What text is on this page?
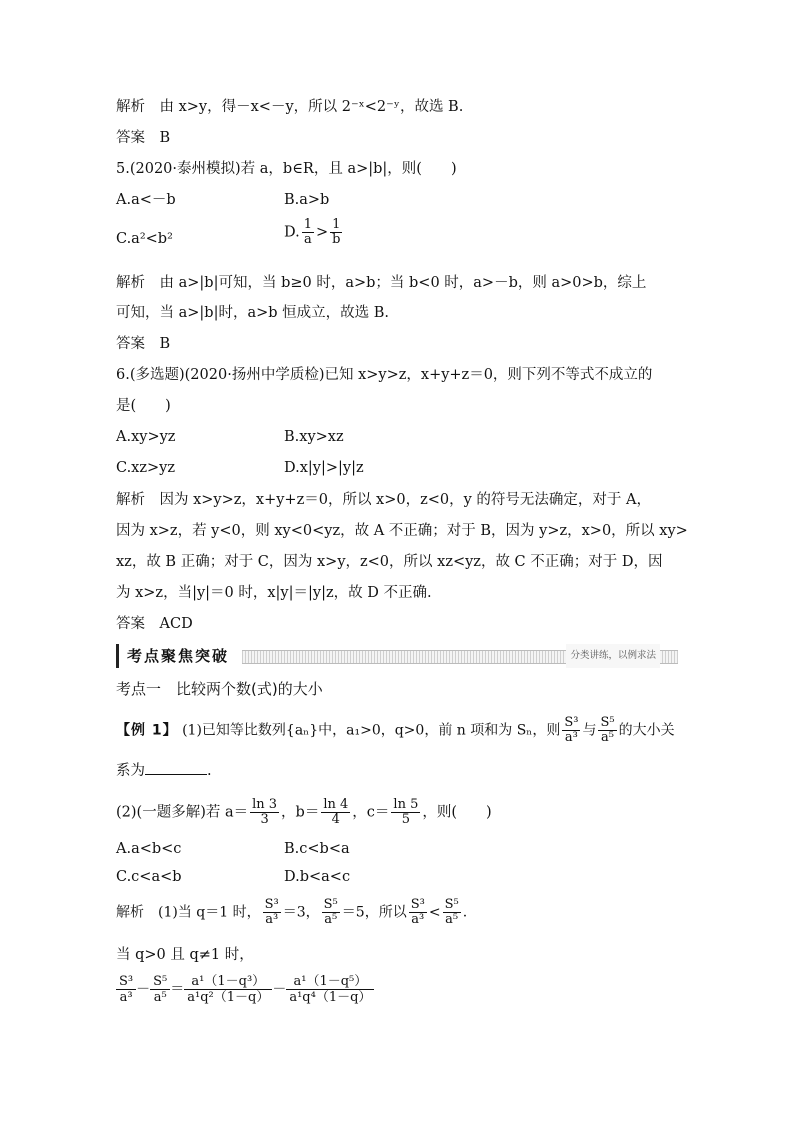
解析　由 x>y，得－x<－y，所以 2⁻ˣ<2⁻ʸ，故选 B.
答案　B
5.(2020·泰州模拟)若 a，b∈R，且 a>|b|，则(　　)
A.a<－b	B.a>b
C.a²<b²	D. $\frac{1}{a} > \frac{1}{b}$
解析　由 a>|b|可知，当 b≥0 时，a>b；当 b<0 时，a>－b，则 a>0>b，综上
可知，当 a>|b|时，a>b 恒成立，故选 B.
答案　B
6.(多选题)(2020·扬州中学质检)已知 x>y>z，x+y+z＝0，则下列不等式不成立的
是(　　)
A.xy>yz	B.xy>xz
C.xz>yz	D.x|y|>|y|z
解析　因为 x>y>z，x+y+z＝0，所以 x>0，z<0，y 的符号无法确定，对于 A，
因为 x>z，若 y<0，则 xy<0<yz，故 A 不正确；对于 B，因为 y>z，x>0，所以 xy>
xz，故 B 正确；对于 C，因为 x>y，z<0，所以 xz<yz，故 C 不正确；对于 D，因
为 x>z，当|y|＝0 时，x|y|＝|y|z，故 D 不正确.
答案　ACD
考点聚焦突破	分类讲练，以例求法
考点一　比较两个数(式)的大小
【例 1】 (1)已知等比数列{aₙ}中，a₁>0，q>0，前 n 项和为 Sₙ，则 $\frac{\text{S³}}{\text{a³}}$ 与 $\frac{\text{S⁵}}{\text{a⁵}}$ 的大小关
系为	.
(2)(一题多解)若 $a= \frac{\ln 3}{3}$ ，$b= \frac{\ln 4}{4}$ ，$c= \frac{\ln 5}{5}$ ，则(　　)
A.a<b<c	B.c<b<a
C.c<a<b	D.b<a<c
解析　(1)当 q＝1 时， $\frac{\text{S³}}{\text{a³}} =3$， $\frac{\text{S⁵}}{\text{a⁵}} =5$，所以 $\frac{\text{S³}}{\text{a³}} < \frac{\text{S⁵}}{\text{a⁵}}$ .
当 q>0 且 q≠1 时，
$\frac{\text{S³}}{\text{a³}} - \frac{\text{S⁵}}{\text{a⁵}} = \frac{\text{a¹（1－q³）}}{\text{a¹q²（1－q）}} - \frac{\text{a¹（1－q⁵）}}{\text{a¹q⁴（1－q）}}$
